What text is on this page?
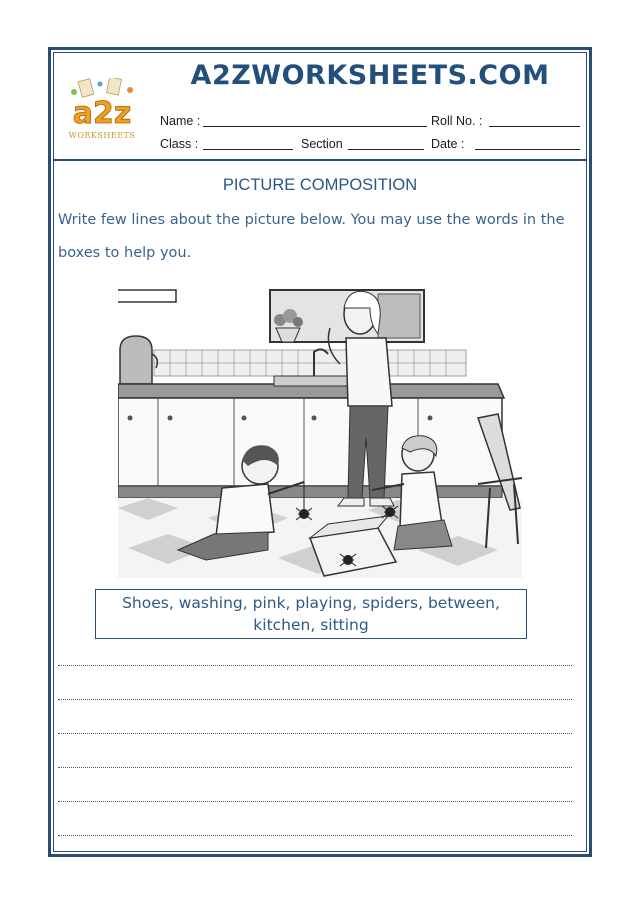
a2z
WORKSHEETS
A2ZWORKSHEETS.COM
Name :	Roll No. :
Class :	Section	Date :
PICTURE COMPOSITION
Write few lines about the picture below. You may use the words in the
boxes to help you.
Shoes, washing, pink, playing, spiders, between,
kitchen, sitting
